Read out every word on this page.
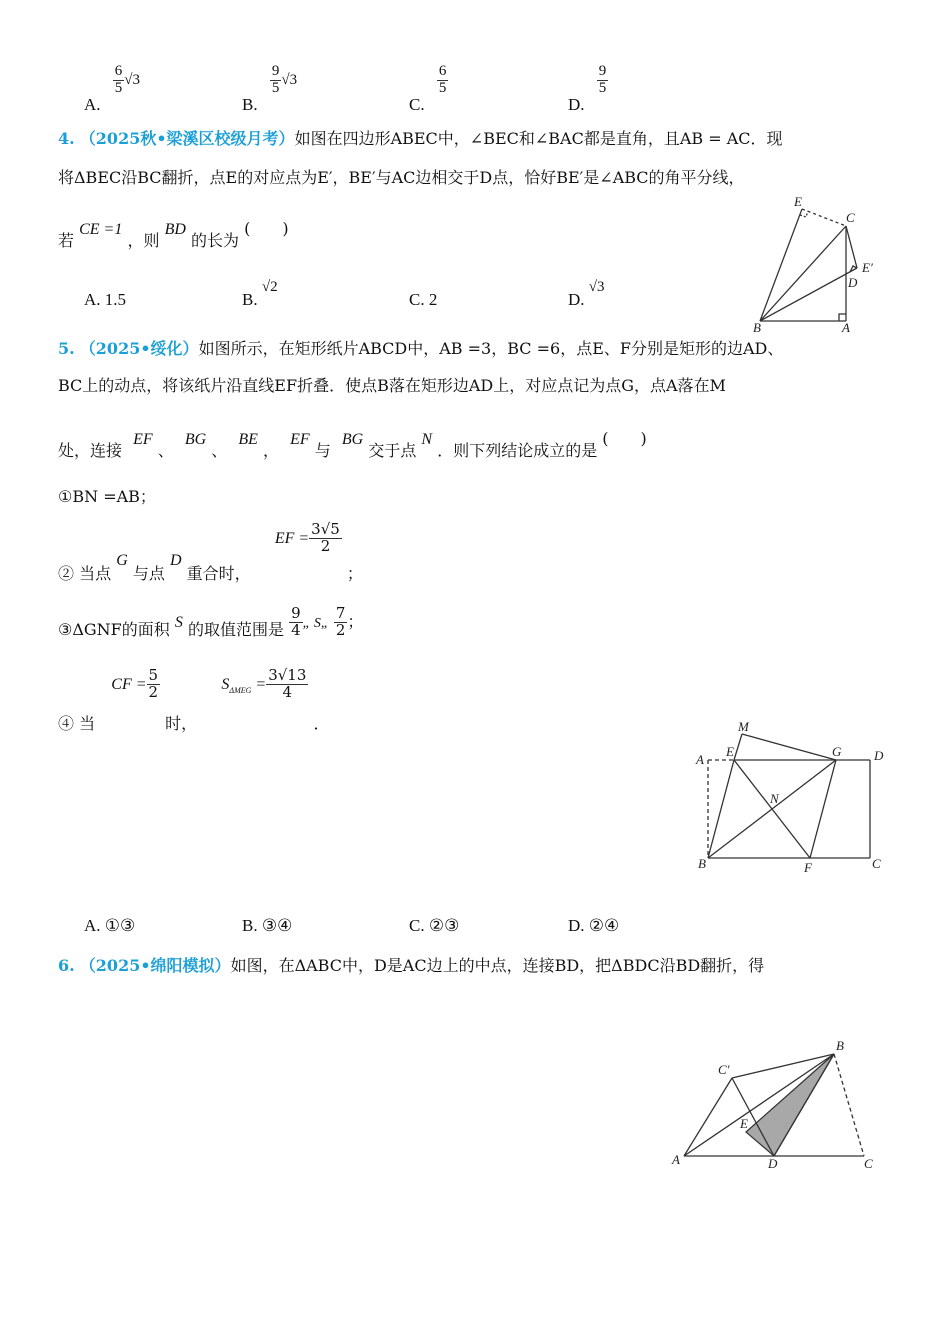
A.
$\frac{6}{5} √3$
B.
$\frac{9}{5} √3$
C.
$\frac{6}{5}$
D.
$\frac{9}{5}$
4. （2025秋•梁溪区校级月考）如图在四边形ABEC中，∠BEC和∠BAC都是直角，且AB = AC．现
将ΔBEC沿BC翻折，点E的对应点为E′，BE′与AC边相交于D点，恰好BE′是∠ABC的角平分线，
若 CE =1 ，则 BD 的长为 (　　)
A. 1.5	B. √2
C. 2	D. √3
E
C
E′
D
B	A
5. （2025•绥化）如图所示，在矩形纸片ABCD中，AB =3，BC =6，点E、F分别是矩形的边AD、
BC上的动点，将该纸片沿直线EF折叠．使点B落在矩形边AD上，对应点记为点G，点A落在M
处，连接 EF 、 BG 、 BE ， EF 与 BG 交于点 N ．则下列结论成立的是 (　　)
①BN =AB；
② 当点 G 与点 D 重合时，  EF = $\frac{3√5}{2}$
；
③ΔGNF的面积 S 的取值范围是 $\frac{9}{4}$ „ S„ $\frac{7}{2}$ ；
④ 当  CF = $\frac{5}{2}$
时，  $S_{\Delta MEG} = \frac{3√13}{4}$
．	M
A
E	G	D
N
B	F	C
A. ①③	B. ③④	C. ②③	D. ②④
6. （2025•绵阳模拟）如图，在ΔABC中，D是AC边上的中点，连接BD，把ΔBDC沿BD翻折，得
B
C′
E
A	D	C
